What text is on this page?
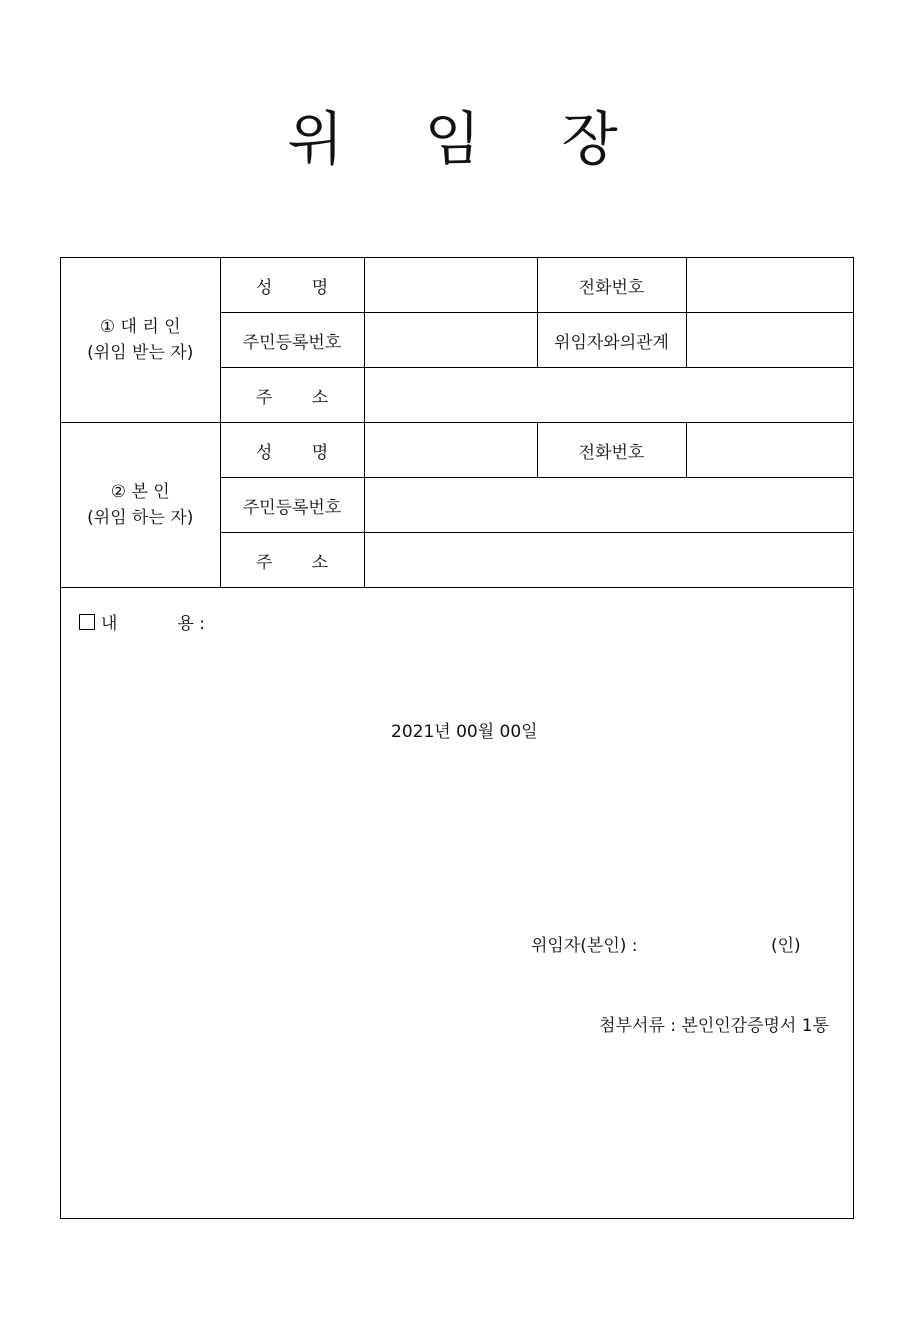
위 임 장
① 대 리 인
(위임 받는 자)	성 명		전화번호	
	주민등록번호		위임자와의관계	
	주 소			

② 본 인
(위임 하는 자)	성 명		전화번호	
	주민등록번호			
	주 소			
내	용 :
2021년 00월 00일
위임자(본인) :	(인)
첨부서류 : 본인인감증명서 1통
